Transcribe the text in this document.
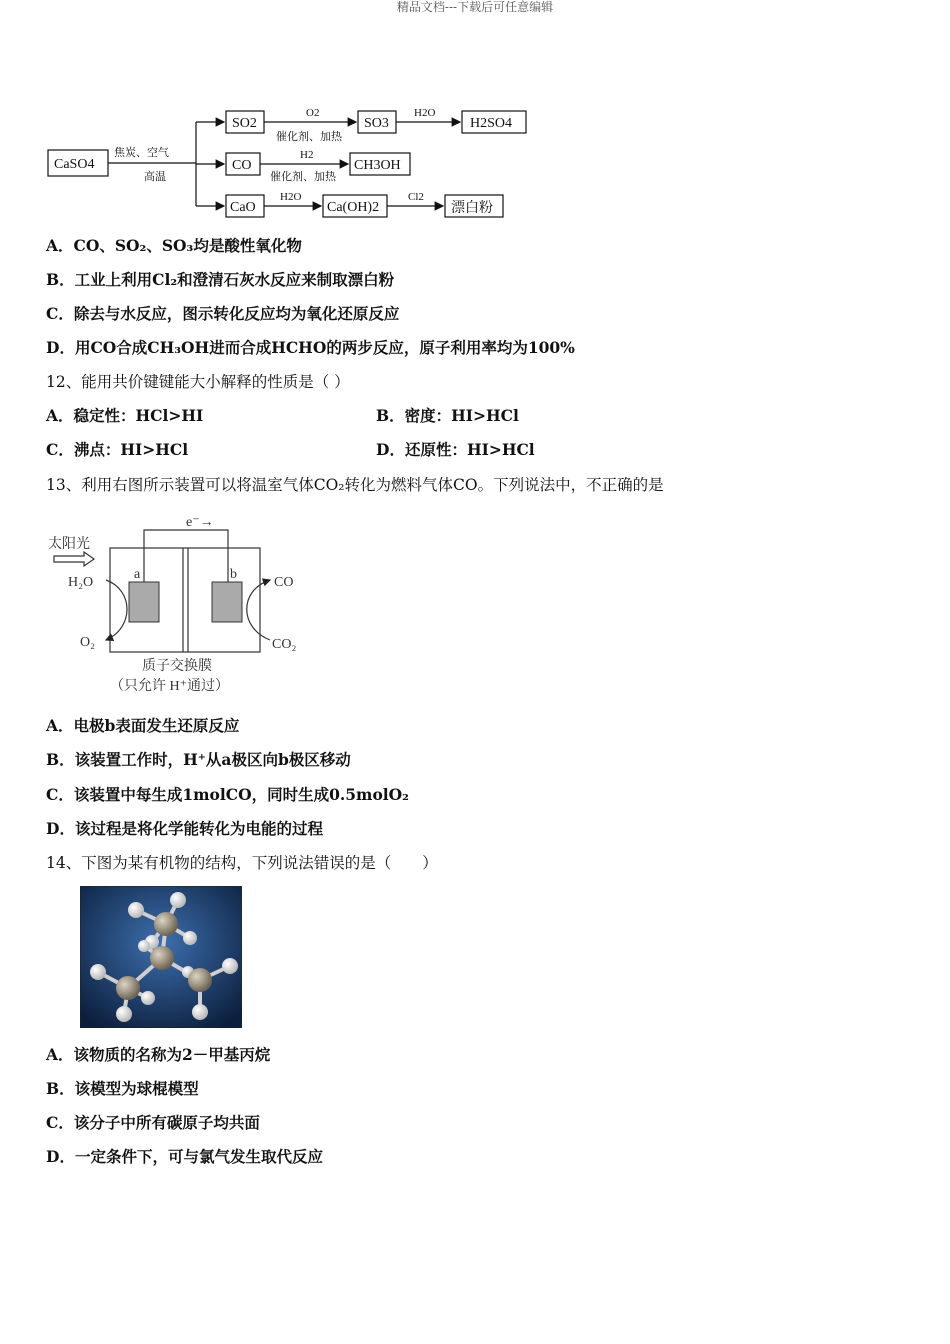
精品文档---下载后可任意编辑
CaSO4
SO2	SO3	H2SO4
CO	CH3OH
CaO	Ca(OH)2	漂白粉
焦炭、空气
高温
O2
催化剂、加热
H2O
H2
催化剂、加热
H2O	Cl2
A．CO、SO₂、SO₃均是酸性氧化物
B．工业上利用Cl₂和澄清石灰水反应来制取漂白粉
C．除去与水反应，图示转化反应均为氧化还原反应
D．用CO合成CH₃OH进而合成HCHO的两步反应，原子利用率均为100%
12、能用共价键键能大小解释的性质是（ ）
A．稳定性：HCl>HI	B．密度：HI>HCl
C．沸点：HI>HCl	D．还原性：HI>HCl
13、利用右图所示装置可以将温室气体CO₂转化为燃料气体CO。下列说法中，不正确的是
e⁻→
太阳光
H₂O
O₂
a	b
CO
CO₂
质子交换膜
（只允许 H⁺通过）
A．电极b表面发生还原反应
B．该装置工作时，H⁺从a极区向b极区移动
C．该装置中每生成1molCO，同时生成0.5molO₂
D．该过程是将化学能转化为电能的过程
14、下图为某有机物的结构，下列说法错误的是（　　）
A．该物质的名称为2－甲基丙烷
B．该模型为球棍模型
C．该分子中所有碳原子均共面
D．一定条件下，可与氯气发生取代反应
